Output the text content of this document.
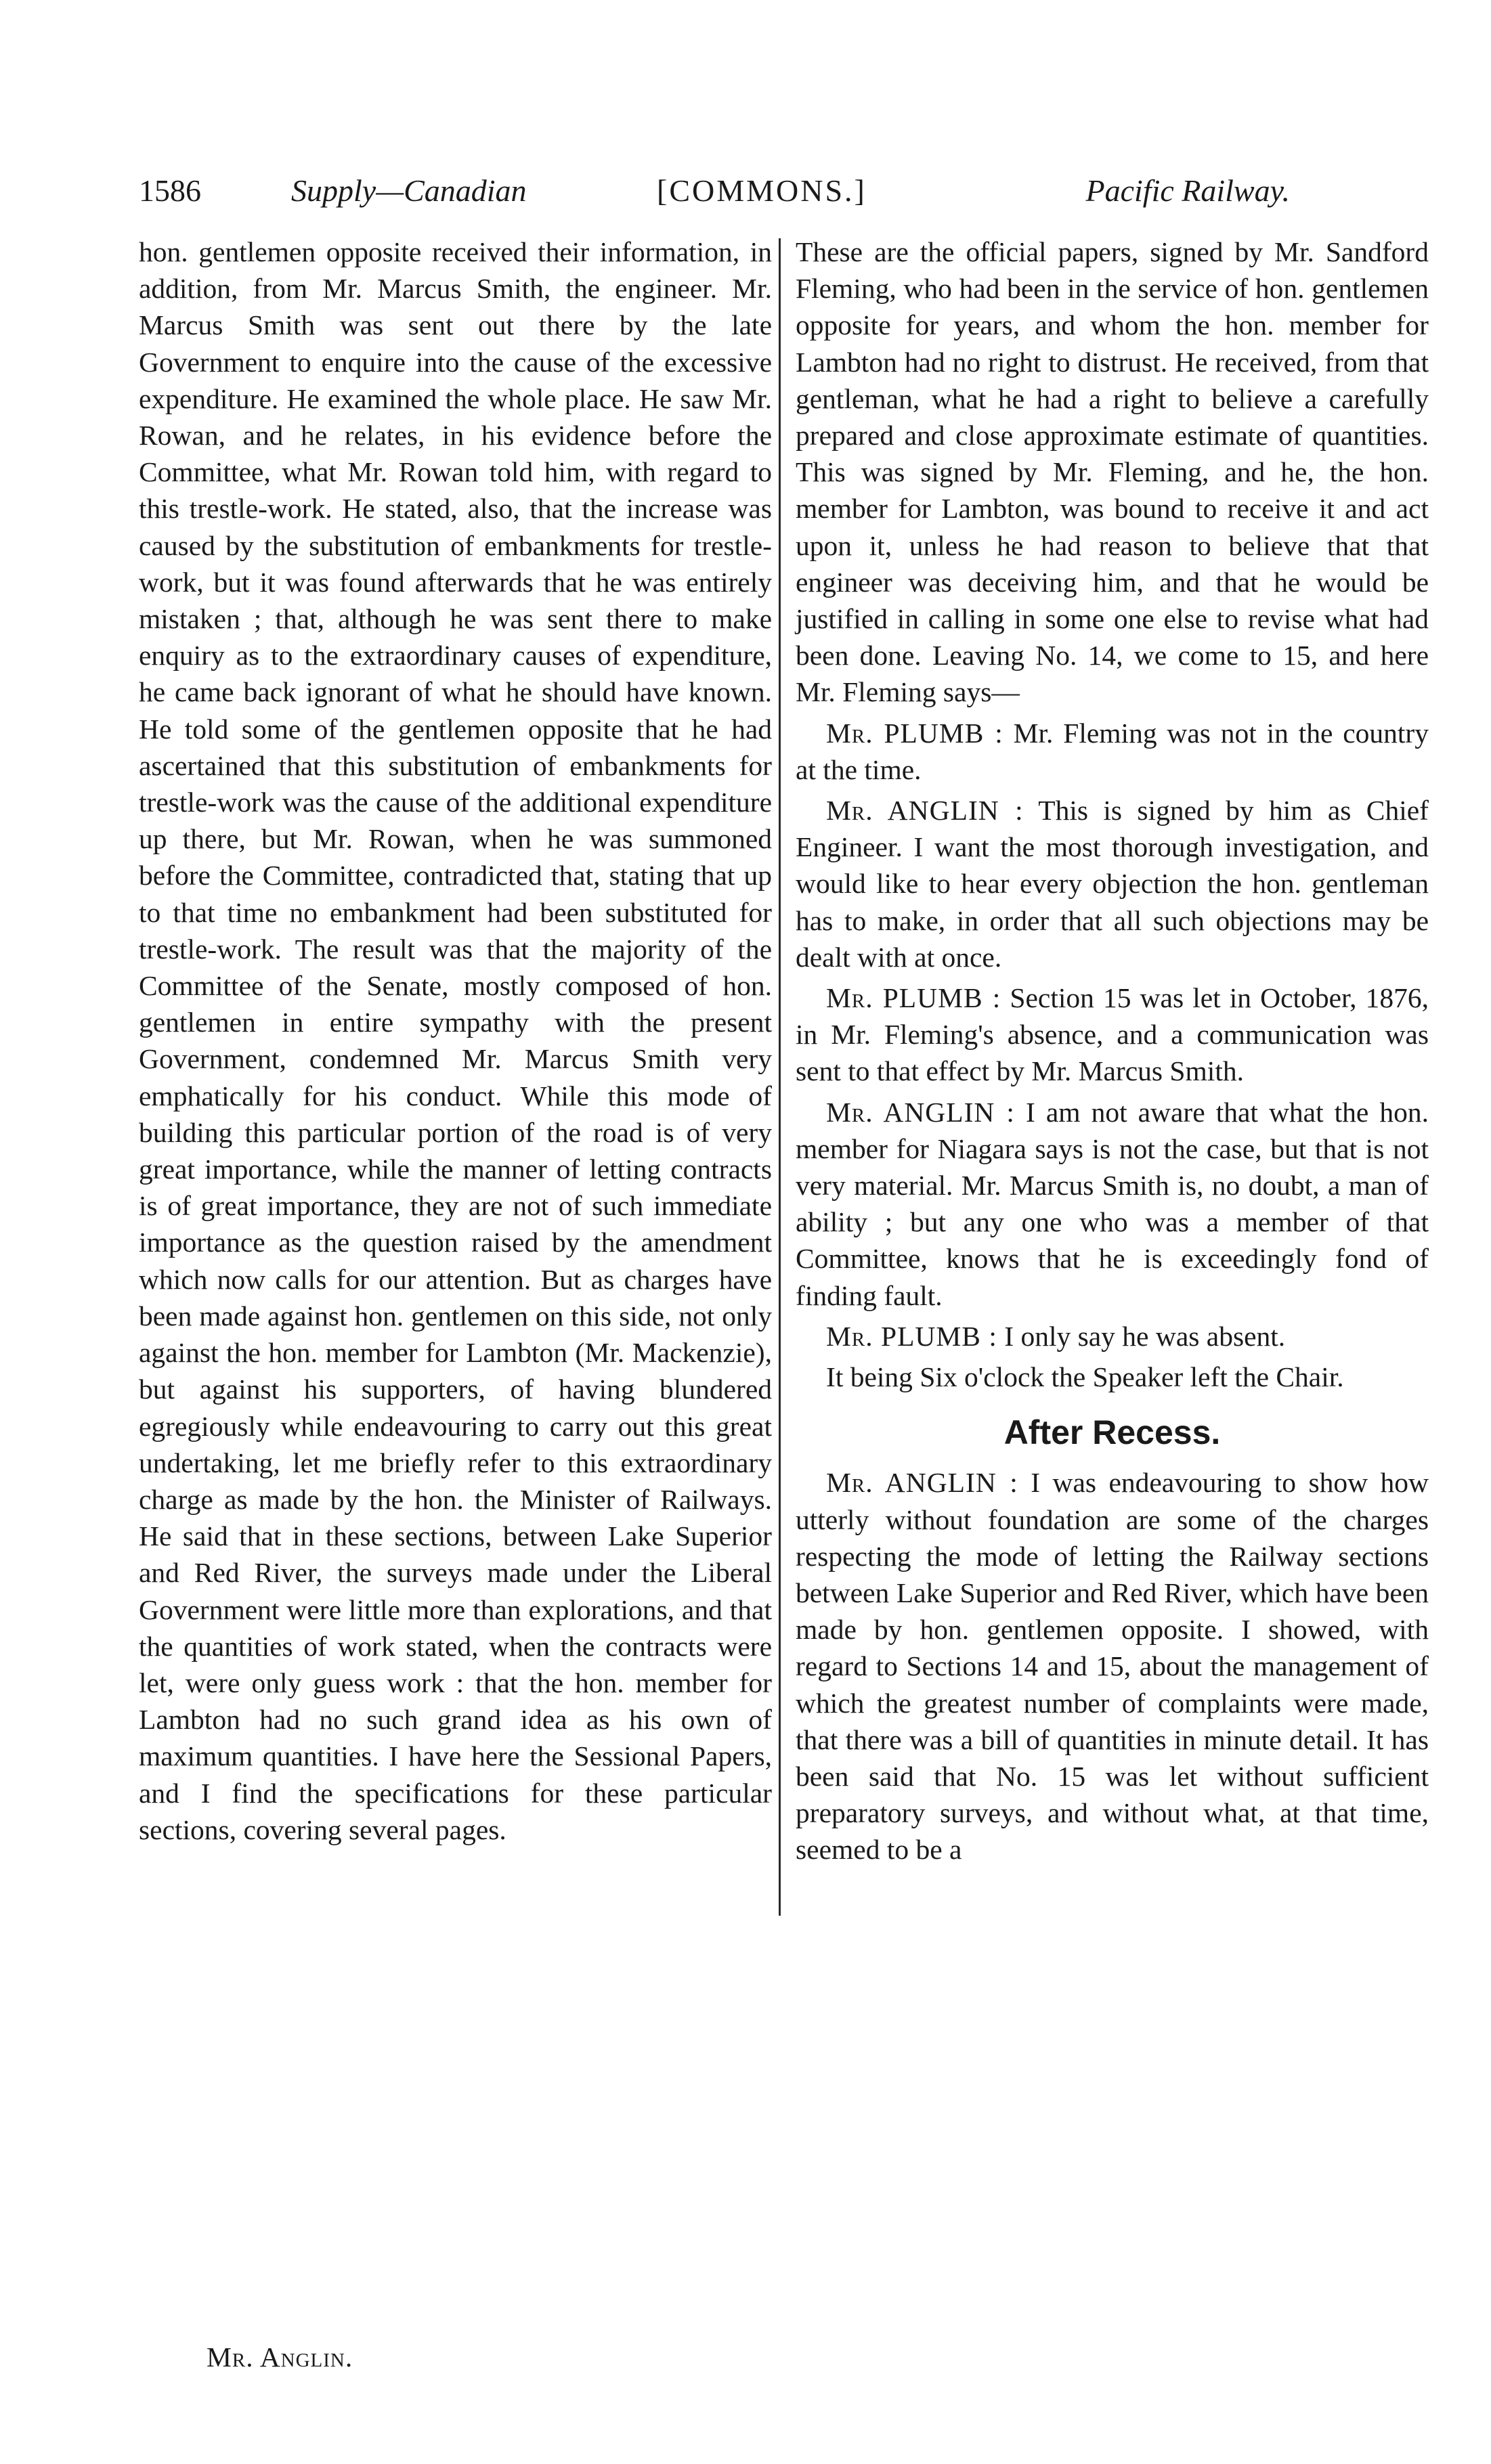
1586	Supply—Canadian	[COMMONS.]	Pacific Railway.

hon. gentlemen opposite received their information, in addition, from Mr. Marcus Smith, the engineer. Mr. Marcus Smith was sent out there by the late Government to enquire into the cause of the excessive expenditure. He examined the whole place. He saw Mr. Rowan, and he relates, in his evidence before the Committee, what Mr. Rowan told him, with regard to this trestle-work. He stated, also, that the increase was caused by the substitution of embankments for trestle-work, but it was found afterwards that he was entirely mistaken ; that, although he was sent there to make enquiry as to the extraordinary causes of expenditure, he came back ignorant of what he should have known. He told some of the gentlemen opposite that he had ascertained that this substitution of embankments for trestle-work was the cause of the additional expenditure up there, but Mr. Rowan, when he was summoned before the Committee, contradicted that, stating that up to that time no embankment had been substituted for trestle-work. The result was that the majority of the Committee of the Senate, mostly composed of hon. gentlemen in entire sympathy with the present Government, condemned Mr. Marcus Smith very emphatically for his conduct. While this mode of building this particular portion of the road is of very great importance, while the manner of letting contracts is of great importance, they are not of such immediate importance as the question raised by the amendment which now calls for our attention. But as charges have been made against hon. gentlemen on this side, not only against the hon. member for Lambton (Mr. Mackenzie), but against his supporters, of having blundered egregiously while endeavouring to carry out this great undertaking, let me briefly refer to this extraordinary charge as made by the hon. the Minister of Railways. He said that in these sections, between Lake Superior and Red River, the surveys made under the Liberal Government were little more than explorations, and that the quantities of work stated, when the contracts were let, were only guess work : that the hon. member for Lambton had no such grand idea as his own of maximum quantities. I have here the Sessional Papers, and I find the specifications for these particular sections, covering several pages.

These are the official papers, signed by Mr. Sandford Fleming, who had been in the service of hon. gentlemen opposite for years, and whom the hon. member for Lambton had no right to distrust. He received, from that gentleman, what he had a right to believe a carefully prepared and close approximate estimate of quantities. This was signed by Mr. Fleming, and he, the hon. member for Lambton, was bound to receive it and act upon it, unless he had reason to believe that that engineer was deceiving him, and that he would be justified in calling in some one else to revise what had been done. Leaving No. 14, we come to 15, and here Mr. Fleming says—

Mr. PLUMB : Mr. Fleming was not in the country at the time.

Mr. ANGLIN : This is signed by him as Chief Engineer. I want the most thorough investigation, and would like to hear every objection the hon. gentleman has to make, in order that all such objections may be dealt with at once.

Mr. PLUMB : Section 15 was let in October, 1876, in Mr. Fleming's absence, and a communication was sent to that effect by Mr. Marcus Smith.

Mr. ANGLIN : I am not aware that what the hon. member for Niagara says is not the case, but that is not very material. Mr. Marcus Smith is, no doubt, a man of ability ; but any one who was a member of that Committee, knows that he is exceedingly fond of finding fault.

Mr. PLUMB : I only say he was absent.

It being Six o'clock the Speaker left the Chair.

After Recess.

Mr. ANGLIN : I was endeavouring to show how utterly without foundation are some of the charges respecting the mode of letting the Railway sections between Lake Superior and Red River, which have been made by hon. gentlemen opposite. I showed, with regard to Sections 14 and 15, about the management of which the greatest number of complaints were made, that there was a bill of quantities in minute detail. It has been said that No. 15 was let without sufficient preparatory surveys, and without what, at that time, seemed to be a

Mr. Anglin.
